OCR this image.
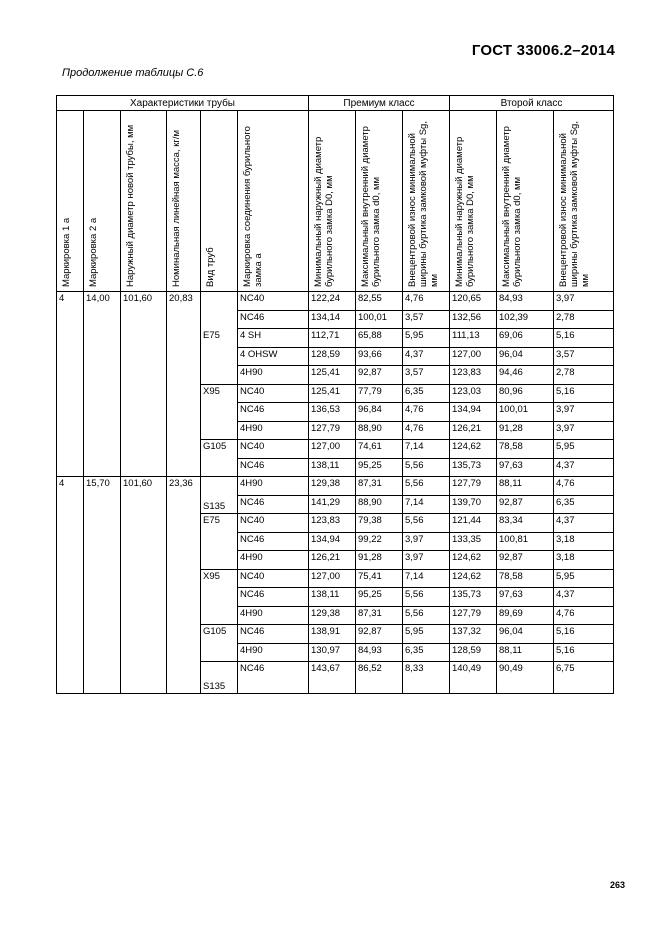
ГОСТ 33006.2–2014
Продолжение таблицы С.6
Характеристики трубы						Премиум класс			Второй класс		

Маркировка 1 а	Маркировка 2 а	Наружный диаметр новой трубы, мм	Номинальная линейная масса, кг/м	Вид труб	Маркировка соединения бурильного замка а	Минимальный наружный диаметр бурильного замка D0, мм	Максимальный внутренний диаметр бурильного замка d0, мм	Внецентровой износ минимальной ширины буртика замковой муфты Sg, мм	Минимальный наружный диаметр бурильного замка D0, мм	Максимальный внутренний диаметр бурильного замка d0, мм	Внецентровой износ минимальной ширины буртика замковой муфты Sg, мм

4	14,00	101,60	20,83		NC40	122,24	82,55	4,76	120,65	84,93	3,97
					NC46	134,14	100,01	3,57	132,56	102,39	2,78
				E75	4 SH	112,71	65,88	5,95	111,13	69,06	5,16
					4 OHSW	128,59	93,66	4,37	127,00	96,04	3,57
					4H90	125,41	92,87	3,57	123,83	94,46	2,78
				X95	NC40	125,41	77,79	6,35	123,03	80,96	5,16
					NC46	136,53	96,84	4,76	134,94	100,01	3,97
					4H90	127,79	88,90	4,76	126,21	91,28	3,97
				G105	NC40	127,00	74,61	7,14	124,62	78,58	5,95
					NC46	138,11	95,25	5,56	135,73	97,63	4,37
4	15,70	101,60	23,36		4H90	129,38	87,31	5,56	127,79	88,11	4,76
				S135	NC46	141,29	88,90	7,14	139,70	92,87	6,35
				E75	NC40	123,83	79,38	5,56	121,44	83,34	4,37
					NC46	134,94	99,22	3,97	133,35	100,81	3,18
					4H90	126,21	91,28	3,97	124,62	92,87	3,18
				X95	NC40	127,00	75,41	7,14	124,62	78,58	5,95
					NC46	138,11	95,25	5,56	135,73	97,63	4,37
					4H90	129,38	87,31	5,56	127,79	89,69	4,76
				G105	NC46	138,91	92,87	5,95	137,32	96,04	5,16
					4H90	130,97	84,93	6,35	128,59	88,11	5,16
				S135	NC46	143,67	86,52	8,33	140,49	90,49	6,75
263
